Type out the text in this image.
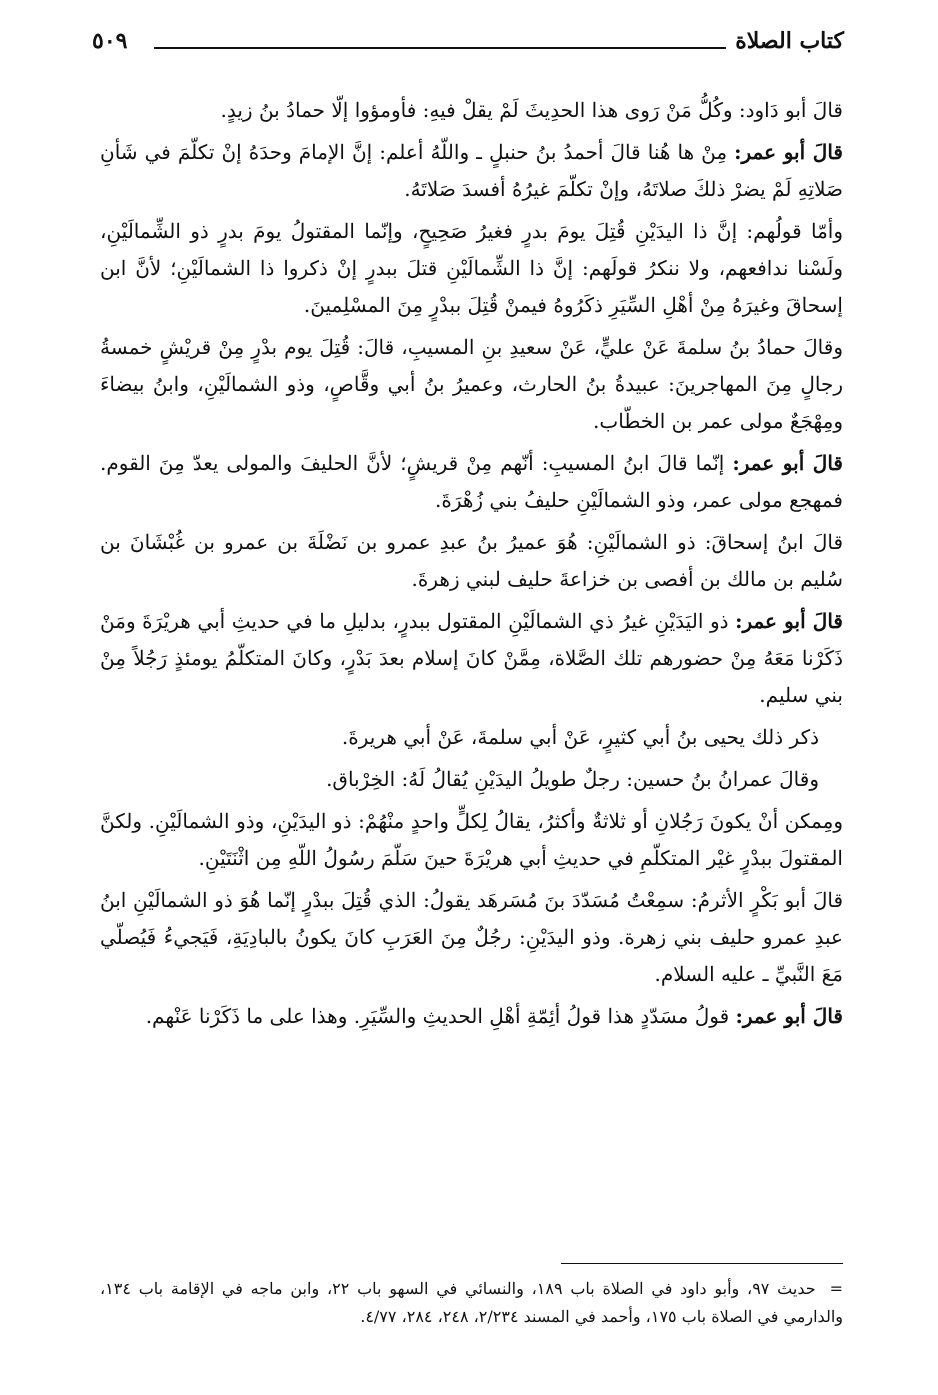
كتاب الصلاة
٥٠٩

قالَ أبو دَاود: وكُلُّ مَنْ رَوى هذا الحدِيثَ لَمْ يقلْ فيهِ: فأومؤوا إلّا حمادُ بنُ زيدٍ.

قالَ أبو عمر: مِنْ ها هُنا قالَ أحمدُ بنُ حنبلٍ ـ واللّهُ أعلم: إنَّ الإمامَ وحدَهُ إنْ تكلّمَ في شَأنِ صَلاتِهِ لَمْ يضرْ ذلكَ صلاتَهُ، وإنْ تكلّمَ غيرُهُ أفسدَ صَلاتَهُ.

وأمّا قولُهم: إنَّ ذا اليدَيْنِ قُتِلَ يومَ بدرٍ فغيرُ صَحِيحٍ، وإنّما المقتولُ يومَ بدرٍ ذو الشِّمالَيْنِ، ولَسْنا ندافعهم، ولا ننكرُ قولَهم: إنَّ ذا الشِّمالَيْنِ قتلَ ببدرٍ إنْ ذكروا ذا الشمالَيْنِ؛ لأنَّ ابن إسحاقَ وغيرَهُ مِنْ أهْلِ السِّيَرِ ذكَرُوهُ فيمنْ قُتِلَ ببدْرٍ مِنَ المسْلِمينَ.

وقالَ حمادُ بنُ سلمةَ عَنْ عليٍّ، عَنْ سعيدِ بنِ المسيبِ، قالَ: قُتِلَ يوم بدْرٍ مِنْ قريْشٍ خمسةُ رجالٍ مِنَ المهاجرينَ: عبيدةُ بنُ الحارث، وعميرُ بنُ أبي وقَّاصٍ، وذو الشمالَيْنِ، وابنُ بيضاءَ ومِهْجَعٌ مولى عمر بن الخطّاب.

قالَ أبو عمر: إنّما قالَ ابنُ المسيبِ: أنّهم مِنْ قريشٍ؛ لأنَّ الحليفَ والمولى يعدّ مِنَ القوم. فمهجع مولى عمر، وذو الشمالَيْنِ حليفُ بني زُهْرَةَ.

قالَ ابنُ إسحاقَ: ذو الشمالَيْنِ: هُوَ عميرُ بنُ عبدِ عمرو بن نَضْلَةَ بن عمرو بن غُبْشَانَ بن سُليم بن مالك بن أفصى بن خزاعةَ حليف لبني زهرةَ.

قالَ أبو عمر: ذو اليَدَيْنِ غيرُ ذي الشمالَيْنِ المقتول ببدرٍ، بدليلِ ما في حديثِ أبي هريْرَةَ ومَنْ ذَكَرْنا مَعَهُ مِنْ حضورهم تلك الصَّلاة، مِمَّنْ كانَ إسلام بعدَ بَدْرٍ، وكانَ المتكلّمُ يومئذٍ رَجُلاً مِنْ بني سليم.

ذكر ذلك يحيى بنُ أبي كثيرٍ، عَنْ أبي سلمةَ، عَنْ أبي هريرةَ.

وقالَ عمرانُ بنُ حسين: رجلٌ طويلُ اليدَيْنِ يُقالُ لَهُ: الخِرْباق.

ومِمكن أنْ يكونَ رَجُلانِ أو ثلاثةٌ وأكثرُ، يقالُ لِكلٍّ واحدٍ منْهُمْ: ذو اليدَيْنِ، وذو الشمالَيْنِ. ولكنَّ المقتولَ ببدْرٍ غيْر المتكلّمِ في حديثِ أبي هريْرَةَ حينَ سَلّمَ رسُولُ اللّهِ مِن اثْنَتَيْنِ.

قالَ أبو بَكْرٍ الأثرمُ: سمِعْتُ مُسَدّدَ بنَ مُسَرهَد يقولُ: الذي قُتِلَ ببدْرٍ إنّما هُوَ ذو الشمالَيْنِ ابنُ عبدِ عمرو حليف بني زهرة. وذو اليدَيْنِ: رجُلٌ مِنَ العَرَبِ كانَ يكونُ بالبادِيَةِ، فَيَجيءُ فَيُصلّي مَعَ النَّبيِّ ـ عليه السلام.

قالَ أبو عمر: قولُ مسَدّدٍ هذا قولُ أئِمّةِ أهْلِ الحديثِ والسِّيَرِ. وهذا على ما ذَكَرْنا عَنْهم.

=حديث ٩٧، وأبو داود في الصلاة باب ١٨٩، والنسائي في السهو باب ٢٢، وابن ماجه في الإقامة باب ١٣٤، والدارمي في الصلاة باب ١٧٥، وأحمد في المسند ٢/٢٣٤، ٢٤٨، ٢٨٤، ٤/٧٧.
